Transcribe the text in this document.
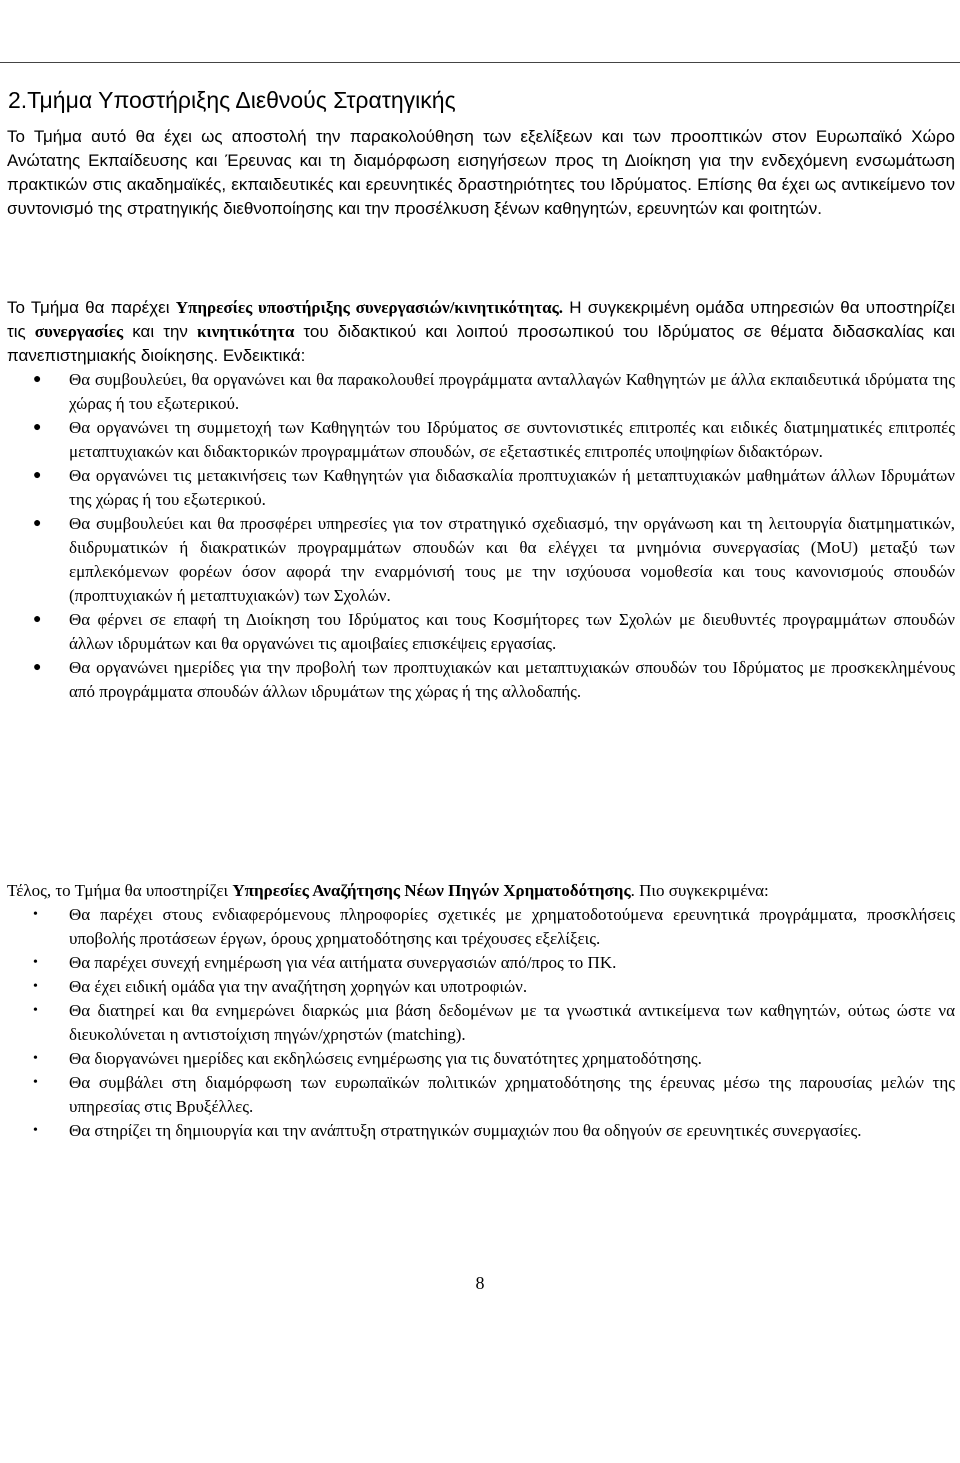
2.Τμήμα Υποστήριξης Διεθνούς Στρατηγικής

Το Τμήμα αυτό θα έχει ως αποστολή την παρακολούθηση των εξελίξεων και των προοπτικών στον Ευρωπαϊκό Χώρο Ανώτατης Εκπαίδευσης και Έρευνας και τη διαμόρφωση εισηγήσεων προς τη Διοίκηση για την ενδεχόμενη ενσωμάτωση πρακτικών στις ακαδημαϊκές, εκπαιδευτικές και ερευνητικές δραστηριότητες του Ιδρύματος. Επίσης θα έχει ως αντικείμενο τον συντονισμό της στρατηγικής διεθνοποίησης και την προσέλκυση ξένων καθηγητών, ερευνητών και φοιτητών.

Το Τμήμα θα παρέχει Υπηρεσίες υποστήριξης συνεργασιών/κινητικότητας. Η συγκεκριμένη ομάδα υπηρεσιών θα υποστηρίζει τις συνεργασίες και την κινητικότητα του διδακτικού και λοιπού προσωπικού του Ιδρύματος σε θέματα διδασκαλίας και πανεπιστημιακής διοίκησης. Ενδεικτικά:

● Θα συμβουλεύει, θα οργανώνει και θα παρακολουθεί προγράμματα ανταλλαγών Καθηγητών με άλλα εκπαιδευτικά ιδρύματα της χώρας ή του εξωτερικού.
● Θα οργανώνει τη συμμετοχή των Καθηγητών του Ιδρύματος σε συντονιστικές επιτροπές και ειδικές διατμηματικές επιτροπές μεταπτυχιακών και διδακτορικών προγραμμάτων σπουδών, σε εξεταστικές επιτροπές υποψηφίων διδακτόρων.
● Θα οργανώνει τις μετακινήσεις των Καθηγητών για διδασκαλία προπτυχιακών ή μεταπτυχιακών μαθημάτων άλλων Ιδρυμάτων της χώρας ή του εξωτερικού.
● Θα συμβουλεύει και θα προσφέρει υπηρεσίες για τον στρατηγικό σχεδιασμό, την οργάνωση και τη λειτουργία διατμηματικών, διιδρυματικών ή διακρατικών προγραμμάτων σπουδών και θα ελέγχει τα μνημόνια συνεργασίας (MoU) μεταξύ των εμπλεκόμενων φορέων όσον αφορά την εναρμόνισή τους με την ισχύουσα νομοθεσία και τους κανονισμούς σπουδών (προπτυχιακών ή μεταπτυχιακών) των Σχολών.
● Θα φέρνει σε επαφή τη Διοίκηση του Ιδρύματος και τους Κοσμήτορες των Σχολών με διευθυντές προγραμμάτων σπουδών άλλων ιδρυμάτων και θα οργανώνει τις αμοιβαίες επισκέψεις εργασίας.
● Θα οργανώνει ημερίδες για την προβολή των προπτυχιακών και μεταπτυχιακών σπουδών του Ιδρύματος με προσκεκλημένους από προγράμματα σπουδών άλλων ιδρυμάτων της χώρας ή της αλλοδαπής.

Τέλος, το Τμήμα θα υποστηρίζει Υπηρεσίες Αναζήτησης Νέων Πηγών Χρηματοδότησης. Πιο συγκεκριμένα:

• Θα παρέχει στους ενδιαφερόμενους πληροφορίες σχετικές με χρηματοδοτούμενα ερευνητικά προγράμματα, προσκλήσεις υποβολής προτάσεων έργων, όρους χρηματοδότησης και τρέχουσες εξελίξεις.
• Θα παρέχει συνεχή ενημέρωση για νέα αιτήματα συνεργασιών από/προς το ΠΚ.
• Θα έχει ειδική ομάδα για την αναζήτηση χορηγών και υποτροφιών.
• Θα διατηρεί και θα ενημερώνει διαρκώς μια βάση δεδομένων με τα γνωστικά αντικείμενα των καθηγητών, ούτως ώστε να διευκολύνεται η αντιστοίχιση πηγών/χρηστών (matching).
• Θα διοργανώνει ημερίδες και εκδηλώσεις ενημέρωσης για τις δυνατότητες χρηματοδότησης.
• Θα συμβάλει στη διαμόρφωση των ευρωπαϊκών πολιτικών χρηματοδότησης της έρευνας μέσω της παρουσίας μελών της υπηρεσίας στις Βρυξέλλες.
• Θα στηρίζει τη δημιουργία και την ανάπτυξη στρατηγικών συμμαχιών που θα οδηγούν σε ερευνητικές συνεργασίες.
8
